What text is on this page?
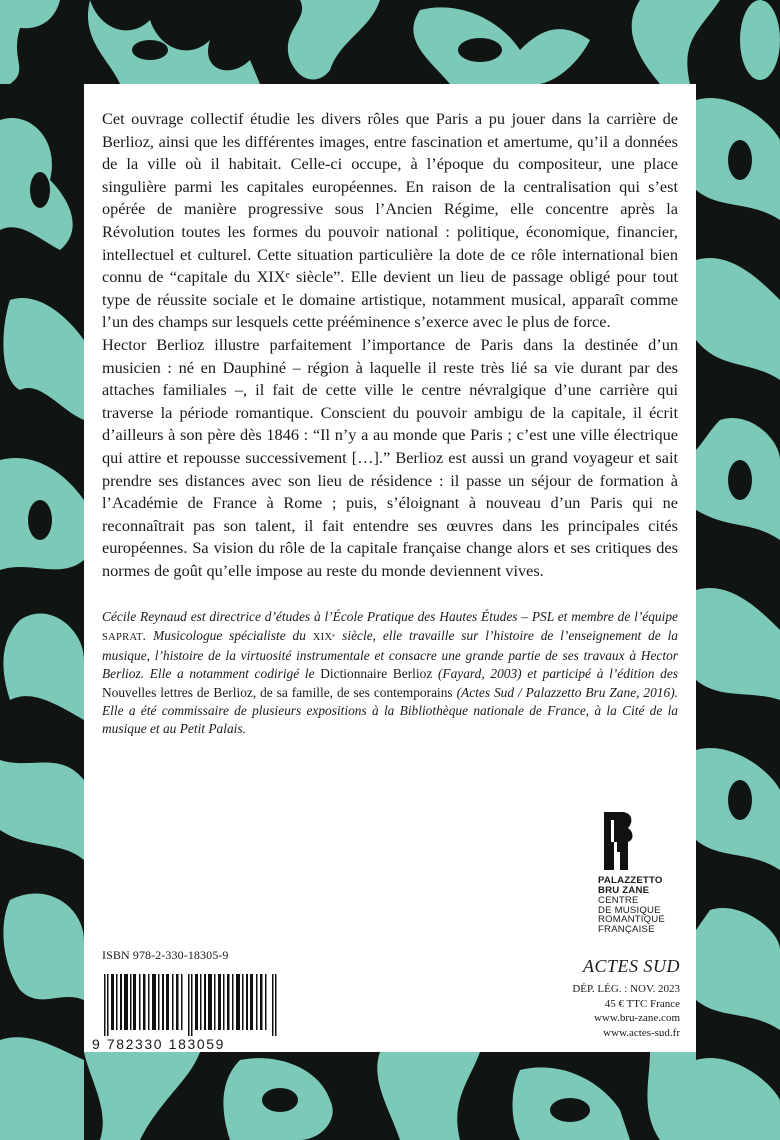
Cet ouvrage collectif étudie les divers rôles que Paris a pu jouer dans la carrière de Berlioz, ainsi que les différentes images, entre fascination et amertume, qu’il a données de la ville où il habitait. Celle-ci occupe, à l’époque du compositeur, une place singulière parmi les capitales européennes. En raison de la centralisation qui s’est opérée de manière progressive sous l’Ancien Régime, elle concentre après la Révolution toutes les formes du pouvoir national : politique, économique, financier, intellectuel et culturel. Cette situation particulière la dote de ce rôle international bien connu de “capitale du XIXᵉ siècle”. Elle devient un lieu de passage obligé pour tout type de réussite sociale et le domaine artistique, notamment musical, apparaît comme l’un des champs sur lesquels cette prééminence s’exerce avec le plus de force.

Hector Berlioz illustre parfaitement l’importance de Paris dans la destinée d’un musicien : né en Dauphiné – région à laquelle il reste très lié sa vie durant par des attaches familiales –, il fait de cette ville le centre névralgique d’une carrière qui traverse la période romantique. Conscient du pouvoir ambigu de la capitale, il écrit d’ailleurs à son père dès 1846 : “Il n’y a au monde que Paris ; c’est une ville électrique qui attire et repousse successivement […].” Berlioz est aussi un grand voyageur et sait prendre ses distances avec son lieu de résidence : il passe un séjour de formation à l’Académie de France à Rome ; puis, s’éloignant à nouveau d’un Paris qui ne reconnaîtrait pas son talent, il fait entendre ses œuvres dans les principales cités européennes. Sa vision du rôle de la capitale française change alors et ses critiques des normes de goût qu’elle impose au reste du monde deviennent vives.

Cécile Reynaud est directrice d’études à l’École Pratique des Hautes Études – PSL et membre de l’équipe SAPRAT. Musicologue spécialiste du XIXᵉ siècle, elle travaille sur l’histoire de l’enseignement de la musique, l’histoire de la virtuosité instrumentale et consacre une grande partie de ses travaux à Hector Berlioz. Elle a notamment codirigé le Dictionnaire Berlioz (Fayard, 2003) et participé à l’édition des Nouvelles lettres de Berlioz, de sa famille, de ses contemporains (Actes Sud / Palazzetto Bru Zane, 2016). Elle a été commissaire de plusieurs expositions à la Bibliothèque nationale de France, à la Cité de la musique et au Petit Palais.

PALAZZETTO
BRU ZANE
CENTRE
DE MUSIQUE
ROMANTIQUE
FRANÇAISE
ISBN 978-2-330-18305-9
9 782330 183059
ACTES SUD
DÉP. LÉG. : NOV. 2023
45 € TTC France
www.bru-zane.com
www.actes-sud.fr
